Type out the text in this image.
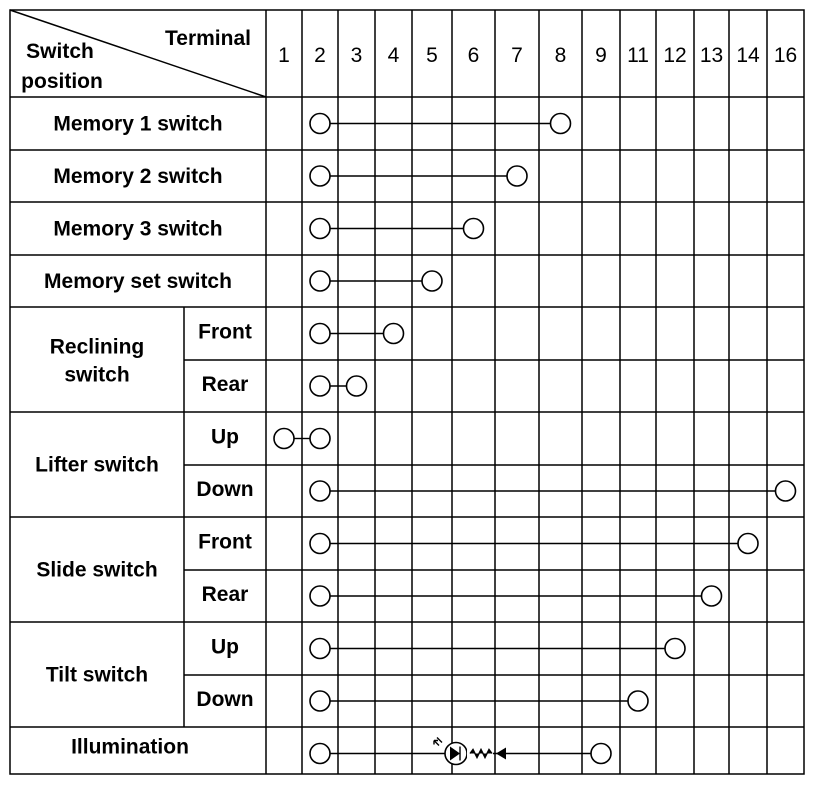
Terminal
Switch
position
1 2 3 4 5 6 7 8 9 11 12 13 14 16
Memory 1 switch
Memory 2 switch
Memory 3 switch
Memory set switch
Front
Rear
Up
Down
Front
Rear
Up
Down
Illumination
Reclining
switch
Lifter switch
Slide switch
Tilt switch
